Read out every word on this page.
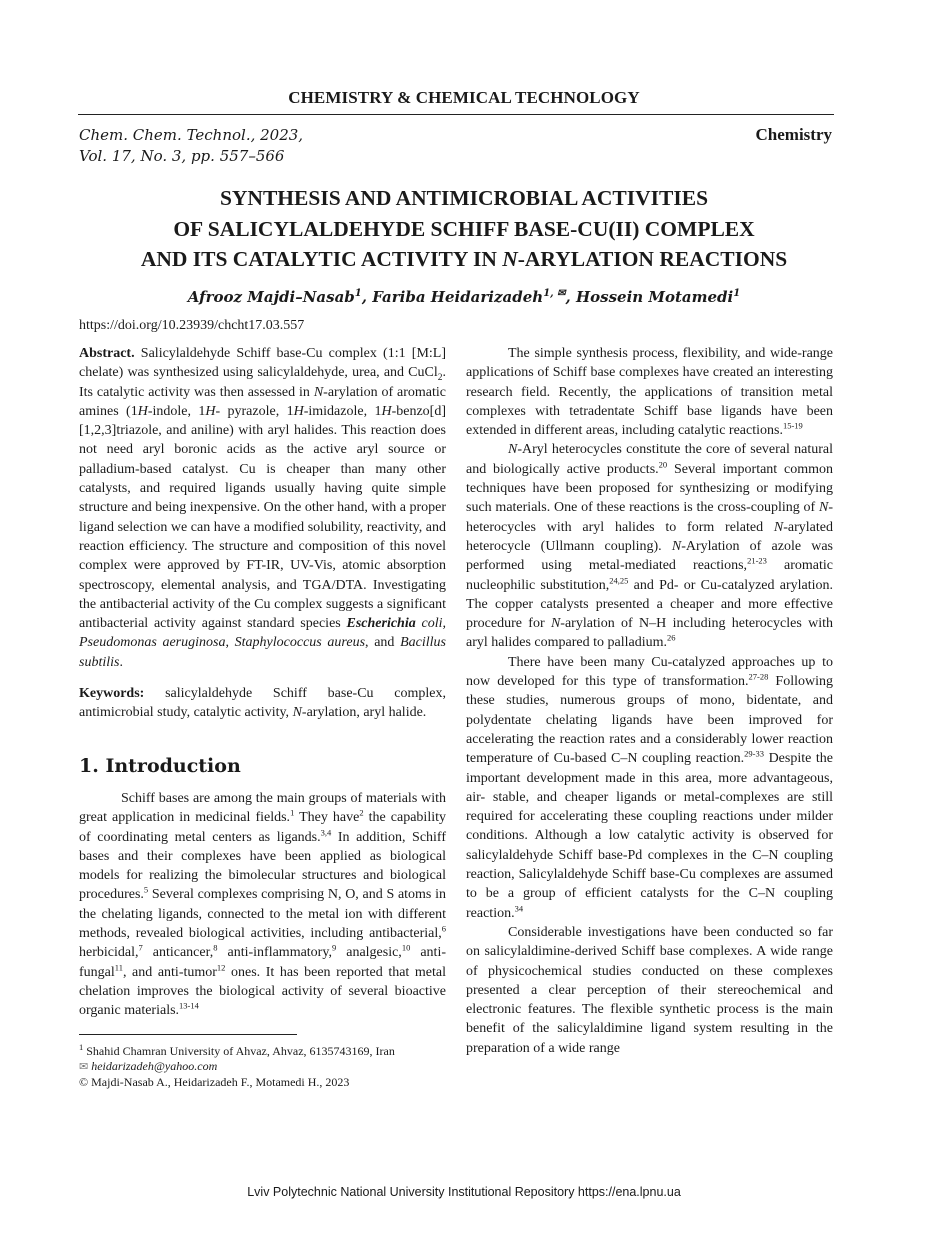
CHEMISTRY & CHEMICAL TECHNOLOGY
Chem. Chem. Technol., 2023,
Vol. 17, No. 3, pp. 557–566
Chemistry
SYNTHESIS AND ANTIMICROBIAL ACTIVITIES
OF SALICYLALDEHYDE SCHIFF BASE-CU(II) COMPLEX
AND ITS CATALYTIC ACTIVITY IN N-ARYLATION REACTIONS
Afrooz Majdi–Nasab$^1$, Fariba Heidarizadeh$^{1, ✉}$, Hossein Motamedi$^1$
https://doi.org/10.23939/chcht17.03.557

Abstract. Salicylaldehyde Schiff base-Cu complex (1:1 [M:L] chelate) was synthesized using salicylaldehyde, urea, and CuCl$_2$. Its catalytic activity was then assessed in N-arylation of aromatic amines (1H-indole, 1H- pyrazole, 1H-imidazole, 1H-benzo[d][1,2,3]triazole, and aniline) with aryl halides. This reaction does not need aryl boronic acids as the active aryl source or palladium-based catalyst. Cu is cheaper than many other catalysts, and required ligands usually having quite simple structure and being inexpensive. On the other hand, with a proper ligand selection we can have a modified solubility, reactivity, and reaction efficiency. The structure and composition of this novel complex were approved by FT-IR, UV-Vis, atomic absorption spectroscopy, elemental analysis, and TGA/DTA. Investigating the antibacterial activity of the Cu complex suggests a significant antibacterial activity against standard species Escherichia coli, Pseudomonas aeruginosa, Staphylococcus aureus, and Bacillus subtilis.

Keywords: salicylaldehyde Schiff base-Cu complex, antimicrobial study, catalytic activity, N-arylation, aryl halide.

1. Introduction

Schiff bases are among the main groups of materials with great application in medicinal fields.$^1$ They have$^2$ the capability of coordinating metal centers as ligands.$^{3,4}$ In addition, Schiff bases and their complexes have been applied as biological models for realizing the bimolecular structures and biological procedures.$^5$ Several complexes comprising N, O, and S atoms in the chelating ligands, connected to the metal ion with different methods, revealed biological activities, including antibacterial,$^6$ herbicidal,$^7$ anticancer,$^8$ anti-inflammatory,$^9$ analgesic,$^{10}$ antifungal$^{11}$, and anti-tumor$^{12}$ ones. It has been reported that metal chelation improves the biological activity of several bioactive organic materials.$^{13-14}$

$^1$ Shahid Chamran University of Ahvaz, Ahvaz, 6135743169, Iran
✉ heidarizadeh@yahoo.com
© Majdi-Nasab A., Heidarizadeh F., Motamedi H., 2023

The simple synthesis process, flexibility, and wide-range applications of Schiff base complexes have created an interesting research field. Recently, the applications of transition metal complexes with tetradentate Schiff base ligands have been extended in different areas, including catalytic reactions.$^{15-19}$

N-Aryl heterocycles constitute the core of several natural and biologically active products.$^{20}$ Several important common techniques have been proposed for synthesizing or modifying such materials. One of these reactions is the cross-coupling of N-heterocycles with aryl halides to form related N-arylated heterocycle (Ullmann coupling). N-Arylation of azole was performed using metal-mediated reactions,$^{21-23}$ aromatic nucleophilic substitution,$^{24,25}$ and Pd- or Cu-catalyzed arylation. The copper catalysts presented a cheaper and more effective procedure for N-arylation of N–H including heterocycles with aryl halides compared to palladium.$^{26}$

There have been many Cu-catalyzed approaches up to now developed for this type of transformation.$^{27-28}$ Following these studies, numerous groups of mono, bidentate, and polydentate chelating ligands have been improved for accelerating the reaction rates and a considerably lower reaction temperature of Cu-based C–N coupling reaction.$^{29-33}$ Despite the important development made in this area, more advantageous, air- stable, and cheaper ligands or metal-complexes are still required for accelerating these coupling reactions under milder conditions. Although a low catalytic activity is observed for salicylaldehyde Schiff base-Pd complexes in the C–N coupling reaction, Salicylaldehyde Schiff base-Cu complexes are assumed to be a group of efficient catalysts for the C–N coupling reaction.$^{34}$

Considerable investigations have been conducted so far on salicylaldimine-derived Schiff base complexes. A wide range of physicochemical studies conducted on these complexes presented a clear perception of their stereochemical and electronic features. The flexible synthetic process is the main benefit of the salicylaldimine ligand system resulting in the preparation of a wide range

Lviv Polytechnic National University Institutional Repository https://ena.lpnu.ua
